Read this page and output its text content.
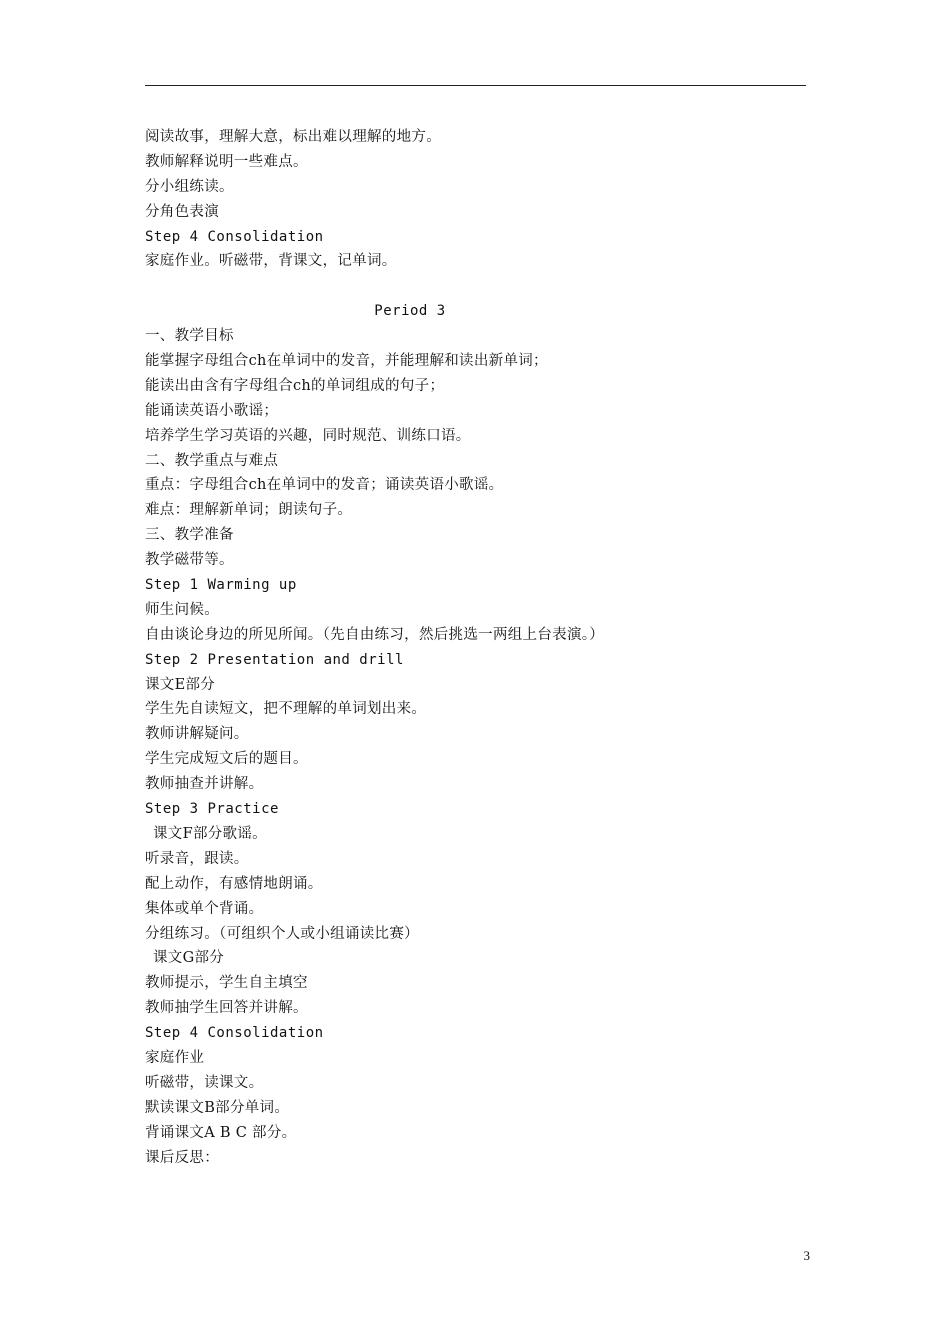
阅读故事，理解大意，标出难以理解的地方。
教师解释说明一些难点。
分小组练读。
分角色表演
Step 4 Consolidation
家庭作业。听磁带，背课文，记单词。
Period 3
一、教学目标
能掌握字母组合ch在单词中的发音，并能理解和读出新单词；
能读出由含有字母组合ch的单词组成的句子；
能诵读英语小歌谣；
培养学生学习英语的兴趣，同时规范、训练口语。
二、教学重点与难点
重点：字母组合ch在单词中的发音；诵读英语小歌谣。
难点：理解新单词；朗读句子。
三、教学准备
教学磁带等。
Step 1 Warming up
师生问候。
自由谈论身边的所见所闻。（先自由练习，然后挑选一两组上台表演。）
Step 2 Presentation and drill
课文E部分
学生先自读短文，把不理解的单词划出来。
教师讲解疑问。
学生完成短文后的题目。
教师抽查并讲解。
Step 3 Practice
课文F部分歌谣。
听录音，跟读。
配上动作，有感情地朗诵。
集体或单个背诵。
分组练习。（可组织个人或小组诵读比赛）
课文G部分
教师提示，学生自主填空
教师抽学生回答并讲解。
Step 4 Consolidation
家庭作业
听磁带，读课文。
默读课文B部分单词。
背诵课文A B C 部分。
课后反思：
3
